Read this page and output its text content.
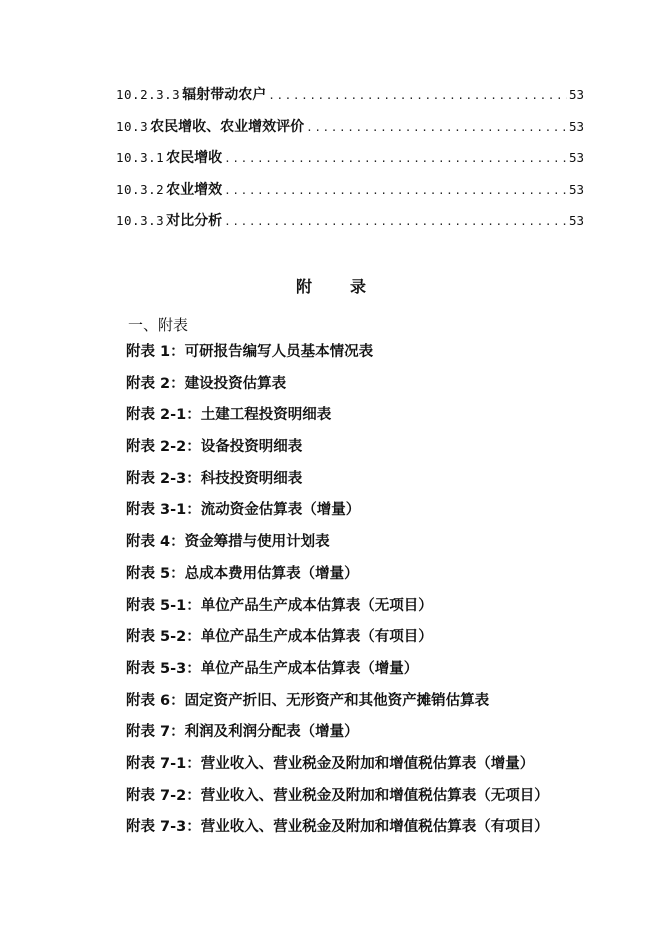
10.2.3.3 辐射带动农户 .....	53
10.3 农民增收、农业增效评价 .....	53
10.3.1 农民增收 .....	53
10.3.2 农业增效 .....	53
10.3.3 对比分析 .....	53
附 录
一、附表
附表 1：可研报告编写人员基本情况表
附表 2：建设投资估算表
附表 2-1：土建工程投资明细表
附表 2-2：设备投资明细表
附表 2-3：科技投资明细表
附表 3-1：流动资金估算表（增量）
附表 4：资金筹措与使用计划表
附表 5：总成本费用估算表（增量）
附表 5-1：单位产品生产成本估算表（无项目）
附表 5-2：单位产品生产成本估算表（有项目）
附表 5-3：单位产品生产成本估算表（增量）
附表 6：固定资产折旧、无形资产和其他资产摊销估算表
附表 7：利润及利润分配表（增量）
附表 7-1：营业收入、营业税金及附加和增值税估算表（增量）
附表 7-2：营业收入、营业税金及附加和增值税估算表（无项目）
附表 7-3：营业收入、营业税金及附加和增值税估算表（有项目）
